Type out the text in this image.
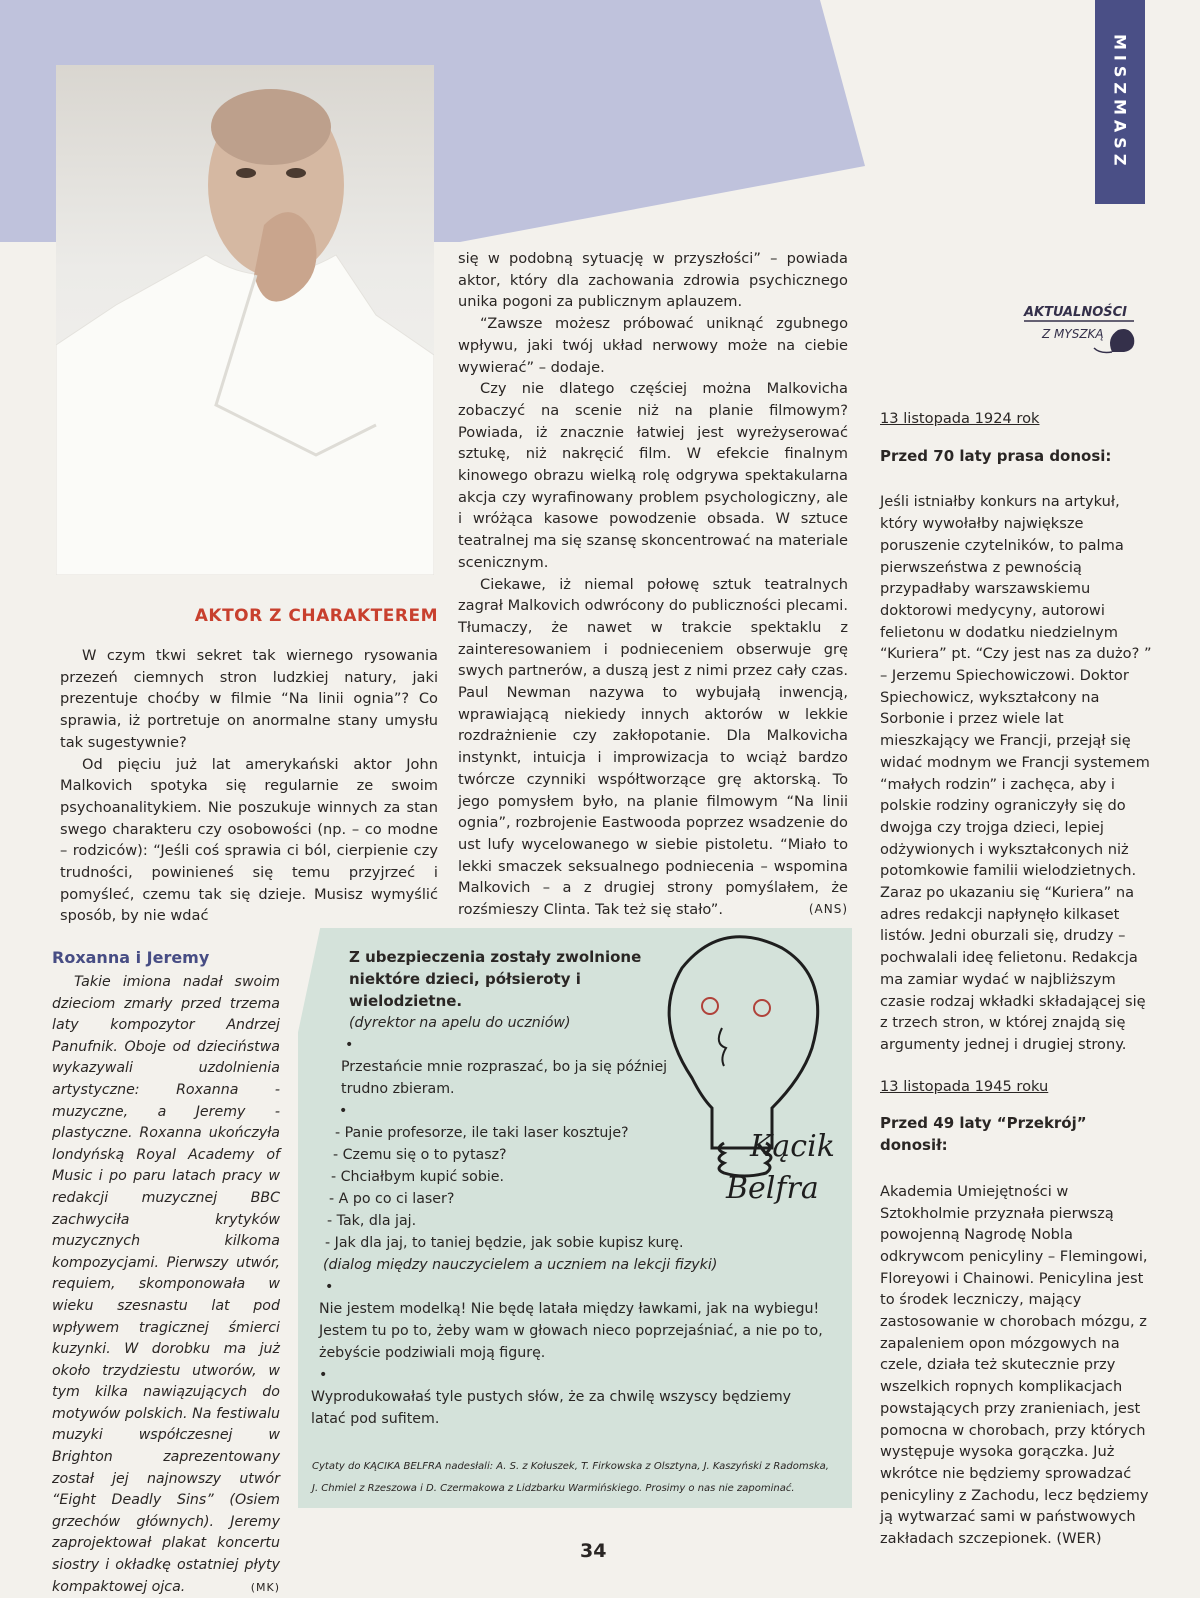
MISZMASZ
AKTUALNOŚCI
Z MYSZKĄ
AKTOR Z CHARAKTEREM

W czym tkwi sekret tak wiernego rysowania przezeń ciemnych stron ludzkiej natury, jaki prezentuje choćby w filmie “Na linii ognia”? Co sprawia, iż portretuje on anormalne stany umysłu tak sugestywnie?

Od pięciu już lat amerykański aktor John Malkovich spotyka się regularnie ze swoim psychoanalitykiem. Nie poszukuje winnych za stan swego charakteru czy osobowości (np. – co modne – rodziców): “Jeśli coś sprawia ci ból, cierpienie czy trudności, powinieneś się temu przyjrzeć i pomyśleć, czemu tak się dzieje. Musisz wymyślić sposób, by nie wdać

się w podobną sytuację w przyszłości” – powiada aktor, który dla zachowania zdrowia psychicznego unika pogoni za publicznym aplauzem.

“Zawsze możesz próbować uniknąć zgubnego wpływu, jaki twój układ nerwowy może na ciebie wywierać” – dodaje.

Czy nie dlatego częściej można Malkovicha zobaczyć na scenie niż na planie filmowym? Powiada, iż znacznie łatwiej jest wyreżyserować sztukę, niż nakręcić film. W efekcie finalnym kinowego obrazu wielką rolę odgrywa spektakularna akcja czy wyrafinowany problem psychologiczny, ale i wróżąca kasowe powodzenie obsada. W sztuce teatralnej ma się szansę skoncentrować na materiale scenicznym.

Ciekawe, iż niemal połowę sztuk teatralnych zagrał Malkovich odwrócony do publiczności plecami. Tłumaczy, że nawet w trakcie spektaklu z zainteresowaniem i podnieceniem obserwuje grę swych partnerów, a duszą jest z nimi przez cały czas. Paul Newman nazywa to wybujałą inwencją, wprawiającą niekiedy innych aktorów w lekkie rozdrażnienie czy zakłopotanie. Dla Malkovicha instynkt, intuicja i improwizacja to wciąż bardzo twórcze czynniki współtworzące grę aktorską. To jego pomysłem było, na planie filmowym “Na linii ognia”, rozbrojenie Eastwooda poprzez wsadzenie do ust lufy wycelowanego w siebie pistoletu. “Miało to lekki smaczek seksualnego podniecenia – wspomina Malkovich – a z drugiej strony pomyślałem, że rozśmieszy Clinta. Tak też się stało”.	(ANS)

Roxanna i Jeremy

Takie imiona nadał swoim dzieciom zmarły przed trzema laty kompozytor Andrzej Panufnik. Oboje od dzieciństwa wykazywali uzdolnienia artystyczne: Roxanna - muzyczne, a Jeremy - plastyczne. Roxanna ukończyła londyńską Royal Academy of Music i po paru latach pracy w redakcji muzycznej BBC zachwyciła krytyków muzycznych kilkoma kompozycjami. Pierwszy utwór, requiem, skomponowała w wieku szesnastu lat pod wpływem tragicznej śmierci kuzynki. W dorobku ma już około trzydziestu utworów, w tym kilka nawiązujących do motywów polskich. Na festiwalu muzyki współczesnej w Brighton zaprezentowany został jej najnowszy utwór “Eight Deadly Sins” (Osiem grzechów głównych). Jeremy zaprojektował plakat koncertu siostry i okładkę ostatniej płyty kompaktowej ojca.	(MK)

Kącik
Belfra
Z ubezpieczenia zostały zwolnione niektóre dzieci, półsieroty i wielodzietne.
(dyrektor na apelu do uczniów)
•
Przestańcie mnie rozpraszać, bo ja się później trudno zbieram.
•
- Panie profesorze, ile taki laser kosztuje?
- Czemu się o to pytasz?
- Chciałbym kupić sobie.
- A po co ci laser?
- Tak, dla jaj.
- Jak dla jaj, to taniej będzie, jak sobie kupisz kurę.
(dialog między nauczycielem a uczniem na lekcji fizyki)
•
Nie jestem modelką! Nie będę latała między ławkami, jak na wybiegu! Jestem tu po to, żeby wam w głowach nieco poprzejaśniać, a nie po to, żebyście podziwiali moją figurę.
•
Wyprodukowałaś tyle pustych słów, że za chwilę wszyscy będziemy latać pod sufitem.
Cytaty do KĄCIKA BELFRA nadesłali: A. S. z Kołuszek, T. Firkowska z Olsztyna, J. Kaszyński z Radomska, J. Chmiel z Rzeszowa i D. Czermakowa z Lidzbarku Warmińskiego. Prosimy o nas nie zapominać.

13 listopada 1924 rok

Przed 70 laty prasa donosi:

Jeśli istniałby konkurs na artykuł, który wywołałby największe poruszenie czytelników, to palma pierwszeństwa z pewnością przypadłaby warszawskiemu doktorowi medycyny, autorowi felietonu w dodatku niedzielnym “Kuriera” pt. “Czy jest nas za dużo? ” – Jerzemu Spiechowiczowi. Doktor Spiechowicz, wykształcony na Sorbonie i przez wiele lat mieszkający we Francji, przejął się widać modnym we Francji systemem “małych rodzin” i zachęca, aby i polskie rodziny ograniczyły się do dwojga czy trojga dzieci, lepiej odżywionych i wykształconych niż potomkowie familii wielodzietnych. Zaraz po ukazaniu się “Kuriera” na adres redakcji napłynęło kilkaset listów. Jedni oburzali się, drudzy – pochwalali ideę felietonu. Redakcja ma zamiar wydać w najbliższym czasie rodzaj wkładki składającej się z trzech stron, w której znajdą się argumenty jednej i drugiej strony.

13 listopada 1945 roku

Przed 49 laty “Przekrój” donosił:

Akademia Umiejętności w Sztokholmie przyznała pierwszą powojenną Nagrodę Nobla odkrywcom penicyliny – Flemingowi, Floreyowi i Chainowi. Penicylina jest to środek leczniczy, mający zastosowanie w chorobach mózgu, z zapaleniem opon mózgowych na czele, działa też skutecznie przy wszelkich ropnych komplikacjach powstających przy zranieniach, jest pomocna w chorobach, przy których występuje wysoka gorączka. Już wkrótce nie będziemy sprowadzać penicyliny z Zachodu, lecz będziemy ją wytwarzać sami w państwowych zakładach szczepionek. (WER)

34
